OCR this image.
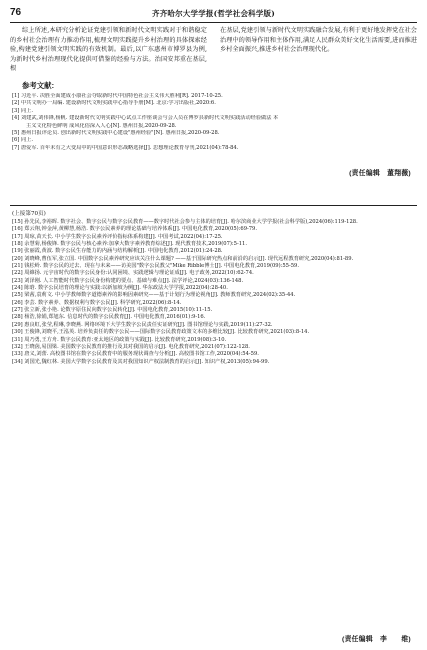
76	齐齐哈尔大学学报(哲学社会科学版)

综上所述,本研究分析论证党建引领和新时代文明实践对于和谐稳定的乡村社会治理有力推动作用,梳理文明实践提升乡村治理的具体探索经验,构建党建引领文明实践的有效机制。最后,以广东惠州市博罗县为例,为新时代乡村治理现代化提供可借鉴的经验与方法。治国安邦重在基层,根

在基层,党建引领与新时代文明实践融合发展,有利于更好地发挥党在社会治理中的领导作用和主体作用,满足人民群众美好文化生活需要,进而推进乡村全面振兴,推进乡村社会治理现代化。

参考文献:
[1] 习近平. 决胜全面建成小康社会夺取新时代中国特色社会主义伟大胜利[R]. 2017-10-25.
[2] 中共文明办一局编. 建设新时代文明实践中心指导手册[M]. 北京:学习出版社,2020:6.
[3] 同上.
[4] 刘建武,刘伟锋,杨帆. 建设新时代文明实践中心试点工作座谈会与会人员在博罗县新时代文明实践活动经验做法 本
主义文化特色鲜明 成风化俗深入人心[N]. 惠州日报,2020-09-28.
[5] 惠州日报评论员. 创出新时代文明实践中心建设"惠州经验"[N]. 惠州日报,2020-09-28.
[6] 同上.
[7] 唐爱军. 百年未有之大变局中的中国意识形态战略选择[J]. 思想理论教育导刊,2021(04):78-84.
(责任编辑　董翔薇)
(上接第70页)
[15] 孙先民,李裕晖. 数字社会、数字公民与数字公民教育——数字时代社会参与主体的培育[J]. 哈尔滨商业大学学报(社会科学版),2024(06):119-128.
[16] 郑云翔,钟金萍,黄柳慧,杨浩. 数字公民素养的理论基础与培养体系[J]. 中国电化教育,2020(05):69-79.
[17] 周琼,苗天长. 中小学生数字公民素养评价指标体系构建[J]. 中国考试,2022(04):17-25.
[18] 余慧菊,杨俊锋. 数字公民与核心素养:加拿大数字素养教育综述[J]. 现代教育技术,2019(07):5-11.
[19] 张丽霞,黄波. 数字公民生存能力的内涵与结构解析[J]. 中国电化教育,2012(01):24-28.
[20] 刘晓峰,曹伍军,张立国. 中国数字公民素养研究应该关注什么课题? ——基于国际研究热点和前沿的启示[J]. 现代远程教育研究,2020(04):81-89.
[21] 钱松岭. 数字公民的过去、现在与未来——访美国"数字公民教父"Mike Ribble博士[J]. 中国电化教育,2019(09):55-59.
[22] 周維扬. 元宇宙时代的数字公民身份:认同困境、实践逻辑与理论证成[J]. 电子政务,2022(10):62-74.
[23] 刘泽刚. 人工智能时代数字公民身份构建的要点、基础与难点[J]. 法学评论,2024(03):136-148.
[24] 陈晗. 数字公民培育的理论与实践:以新加坡为例[J]. 华东政法大学学报,2022(04):28-40.
[25] 梁茜,袁莉文. 中小学教师数字道德素养的影响因素研究——基于计划行为理论视角[J]. 教师教育研究,2024(02):35-44.
[26] 李芸. 数字素养、数据权利与数字公民[J]. 科学研究,2022(06):8-14.
[27] 张立新,张小艳. 论数字原住民向数字公民转化[J]. 中国电化教育,2015(10):11-15.
[28] 杨浩,徐娟,郑旭东. 信息时代的数字公民教育[J]. 中国电化教育,2016(01):9-16.
[29] 惠良虹,张莹,程琳,李晓燕. 网络环境下大学生数字公民责任实证研究[J]. 图书馆理论与实践,2019(11):27-32.
[30] 王俊锋,刘晓平,王泓英. 培养负责任的数字公民——国际数字公民教育政策文本的多维比较[J]. 比较教育研究,2021(03):8-14.
[31] 周乃勇,王方舟. 数字公民教育:亚太地区的政策与实践[J]. 比较教育研究,2019(08):3-10.
[32] 王晓茵,易国梁. 美国数字公民教育的推行及其对我国的启示[J]. 电化教育研究,2021(07):122-128.
[33] 唐义,刘蕾. 高校图书馆在数字公民教育中的服务现状调查与分析[J]. 高校图书馆工作,2020(04):54-59.
[34] 刘国光,魏红林. 美国大学数字公民教育及其对我国知识产权法制教育的启示[J]. 知识产权,2013(05):94-99.
(责任编辑　李　　维)
